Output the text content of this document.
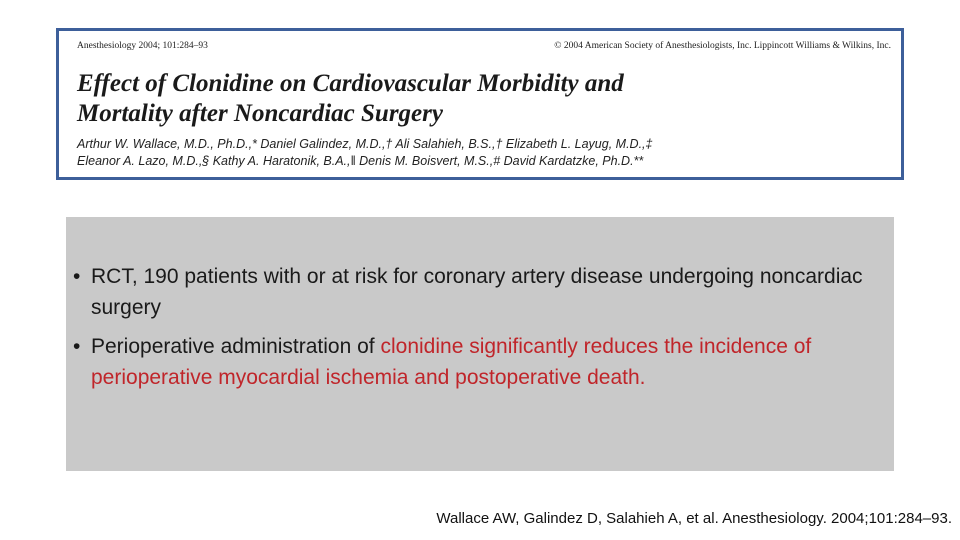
Anesthesiology 2004; 101:284–93	© 2004 American Society of Anesthesiologists, Inc. Lippincott Williams & Wilkins, Inc.
Effect of Clonidine on Cardiovascular Morbidity and
Mortality after Noncardiac Surgery
Arthur W. Wallace, M.D., Ph.D.,* Daniel Galindez, M.D.,† Ali Salahieh, B.S.,† Elizabeth L. Layug, M.D.,‡
Eleanor A. Lazo, M.D.,§ Kathy A. Haratonik, B.A.,‖ Denis M. Boisvert, M.S.,# David Kardatzke, Ph.D.**
• RCT, 190 patients with or at risk for coronary artery disease undergoing noncardiac surgery
• Perioperative administration of clonidine significantly reduces the incidence of perioperative myocardial ischemia and postoperative death.
Wallace AW, Galindez D, Salahieh A, et al. Anesthesiology. 2004;101:284–93.
